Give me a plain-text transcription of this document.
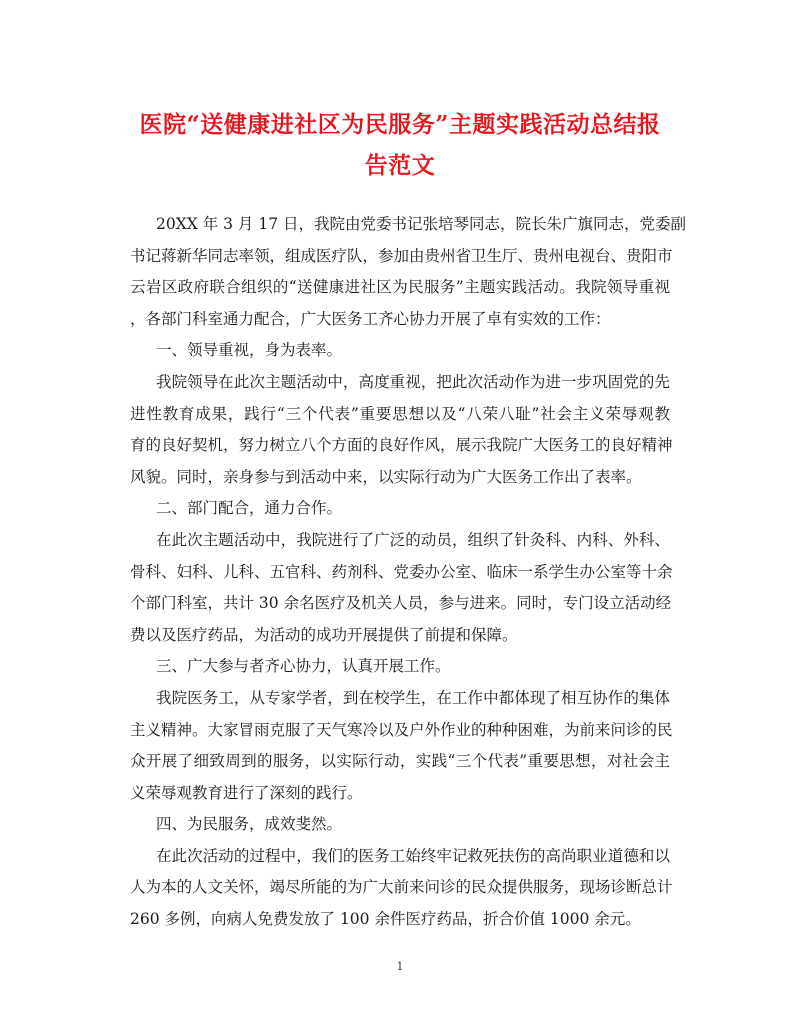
医院“送健康进社区为民服务”主题实践活动总结报
告范文
20XX 年 3 月 17 日，我院由党委书记张培琴同志，院长朱广旗同志，党委副
书记蒋新华同志率领，组成医疗队，参加由贵州省卫生厅、贵州电视台、贵阳市
云岩区政府联合组织的“送健康进社区为民服务”主题实践活动。我院领导重视
，各部门科室通力配合，广大医务工齐心协力开展了卓有实效的工作：
一、领导重视，身为表率。
我院领导在此次主题活动中，高度重视，把此次活动作为进一步巩固党的先
进性教育成果，践行“三个代表”重要思想以及“八荣八耻”社会主义荣辱观教
育的良好契机，努力树立八个方面的良好作风，展示我院广大医务工的良好精神
风貌。同时，亲身参与到活动中来，以实际行动为广大医务工作出了表率。
二、部门配合，通力合作。
在此次主题活动中，我院进行了广泛的动员，组织了针灸科、内科、外科、
骨科、妇科、儿科、五官科、药剂科、党委办公室、临床一系学生办公室等十余
个部门科室，共计 30 余名医疗及机关人员，参与进来。同时，专门设立活动经
费以及医疗药品，为活动的成功开展提供了前提和保障。
三、广大参与者齐心协力，认真开展工作。
我院医务工，从专家学者，到在校学生，在工作中都体现了相互协作的集体
主义精神。大家冒雨克服了天气寒冷以及户外作业的种种困难，为前来问诊的民
众开展了细致周到的服务，以实际行动，实践“三个代表”重要思想，对社会主
义荣辱观教育进行了深刻的践行。
四、为民服务，成效斐然。
在此次活动的过程中，我们的医务工始终牢记救死扶伤的高尚职业道德和以
人为本的人文关怀，竭尽所能的为广大前来问诊的民众提供服务，现场诊断总计
260 多例，向病人免费发放了 100 余件医疗药品，折合价值 1000 余元。
1
